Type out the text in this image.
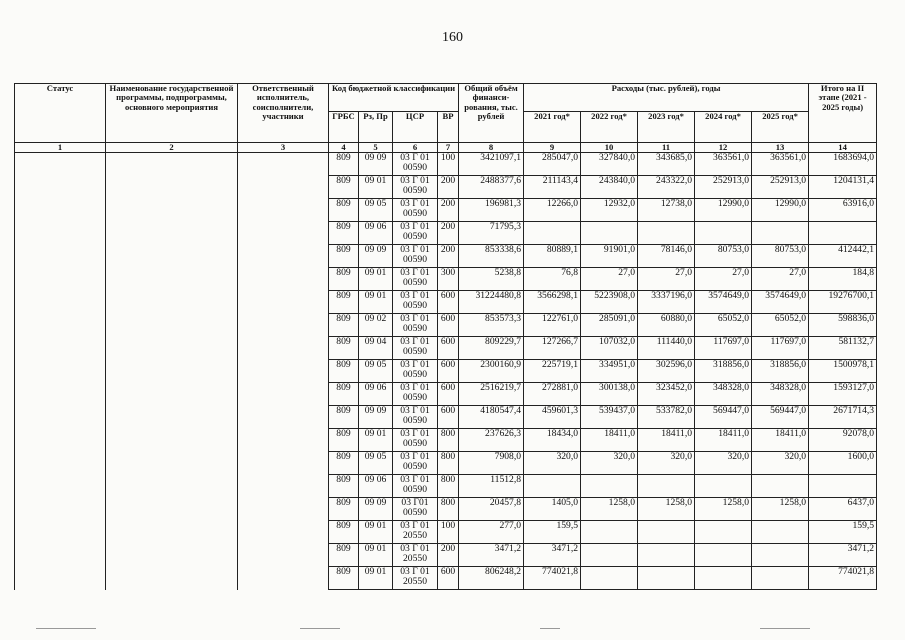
160
Статус	Наименование государственной программы, подпрограммы, основного мероприятия	Ответственный исполнитель, соисполнители, участники	Код бюджетной классификации				Общий объём финанси-рования, тыс. рублей	Расходы (тыс. рублей), годы					Итого на II этапе (2021 - 2025 годы)
			ГРБС	Рз, Пр	ЦСР	ВР		2021 год*	2022 год*	2023 год*	2024 год*	2025 год*	
1	2	3	4	5	6	7	8	9	10	11	12	13	14
			809	09 09	03 Г 01 00590	100	3421097,1	285047,0	327840,0	343685,0	363561,0	363561,0	1683694,0
			809	09 01	03 Г 01 00590	200	2488377,6	211143,4	243840,0	243322,0	252913,0	252913,0	1204131,4
			809	09 05	03 Г 01 00590	200	196981,3	12266,0	12932,0	12738,0	12990,0	12990,0	63916,0
			809	09 06	03 Г 01 00590	200	71795,3						
			809	09 09	03 Г 01 00590	200	853338,6	80889,1	91901,0	78146,0	80753,0	80753,0	412442,1
			809	09 01	03 Г 01 00590	300	5238,8	76,8	27,0	27,0	27,0	27,0	184,8
			809	09 01	03 Г 01 00590	600	31224480,8	3566298,1	5223908,0	3337196,0	3574649,0	3574649,0	19276700,1
			809	09 02	03 Г 01 00590	600	853573,3	122761,0	285091,0	60880,0	65052,0	65052,0	598836,0
			809	09 04	03 Г 01 00590	600	809229,7	127266,7	107032,0	111440,0	117697,0	117697,0	581132,7
			809	09 05	03 Г 01 00590	600	2300160,9	225719,1	334951,0	302596,0	318856,0	318856,0	1500978,1
			809	09 06	03 Г 01 00590	600	2516219,7	272881,0	300138,0	323452,0	348328,0	348328,0	1593127,0
			809	09 09	03 Г 01 00590	600	4180547,4	459601,3	539437,0	533782,0	569447,0	569447,0	2671714,3
			809	09 01	03 Г 01 00590	800	237626,3	18434,0	18411,0	18411,0	18411,0	18411,0	92078,0
			809	09 05	03 Г 01 00590	800	7908,0	320,0	320,0	320,0	320,0	320,0	1600,0
			809	09 06	03 Г 01 00590	800	11512,8						
			809	09 09	03 Г01 00590	800	20457,8	1405,0	1258,0	1258,0	1258,0	1258,0	6437,0
			809	09 01	03 Г 01 20550	100	277,0	159,5					159,5
			809	09 01	03 Г 01 20550	200	3471,2	3471,2					3471,2
			809	09 01	03 Г 01 20550	600	806248,2	774021,8					774021,8
